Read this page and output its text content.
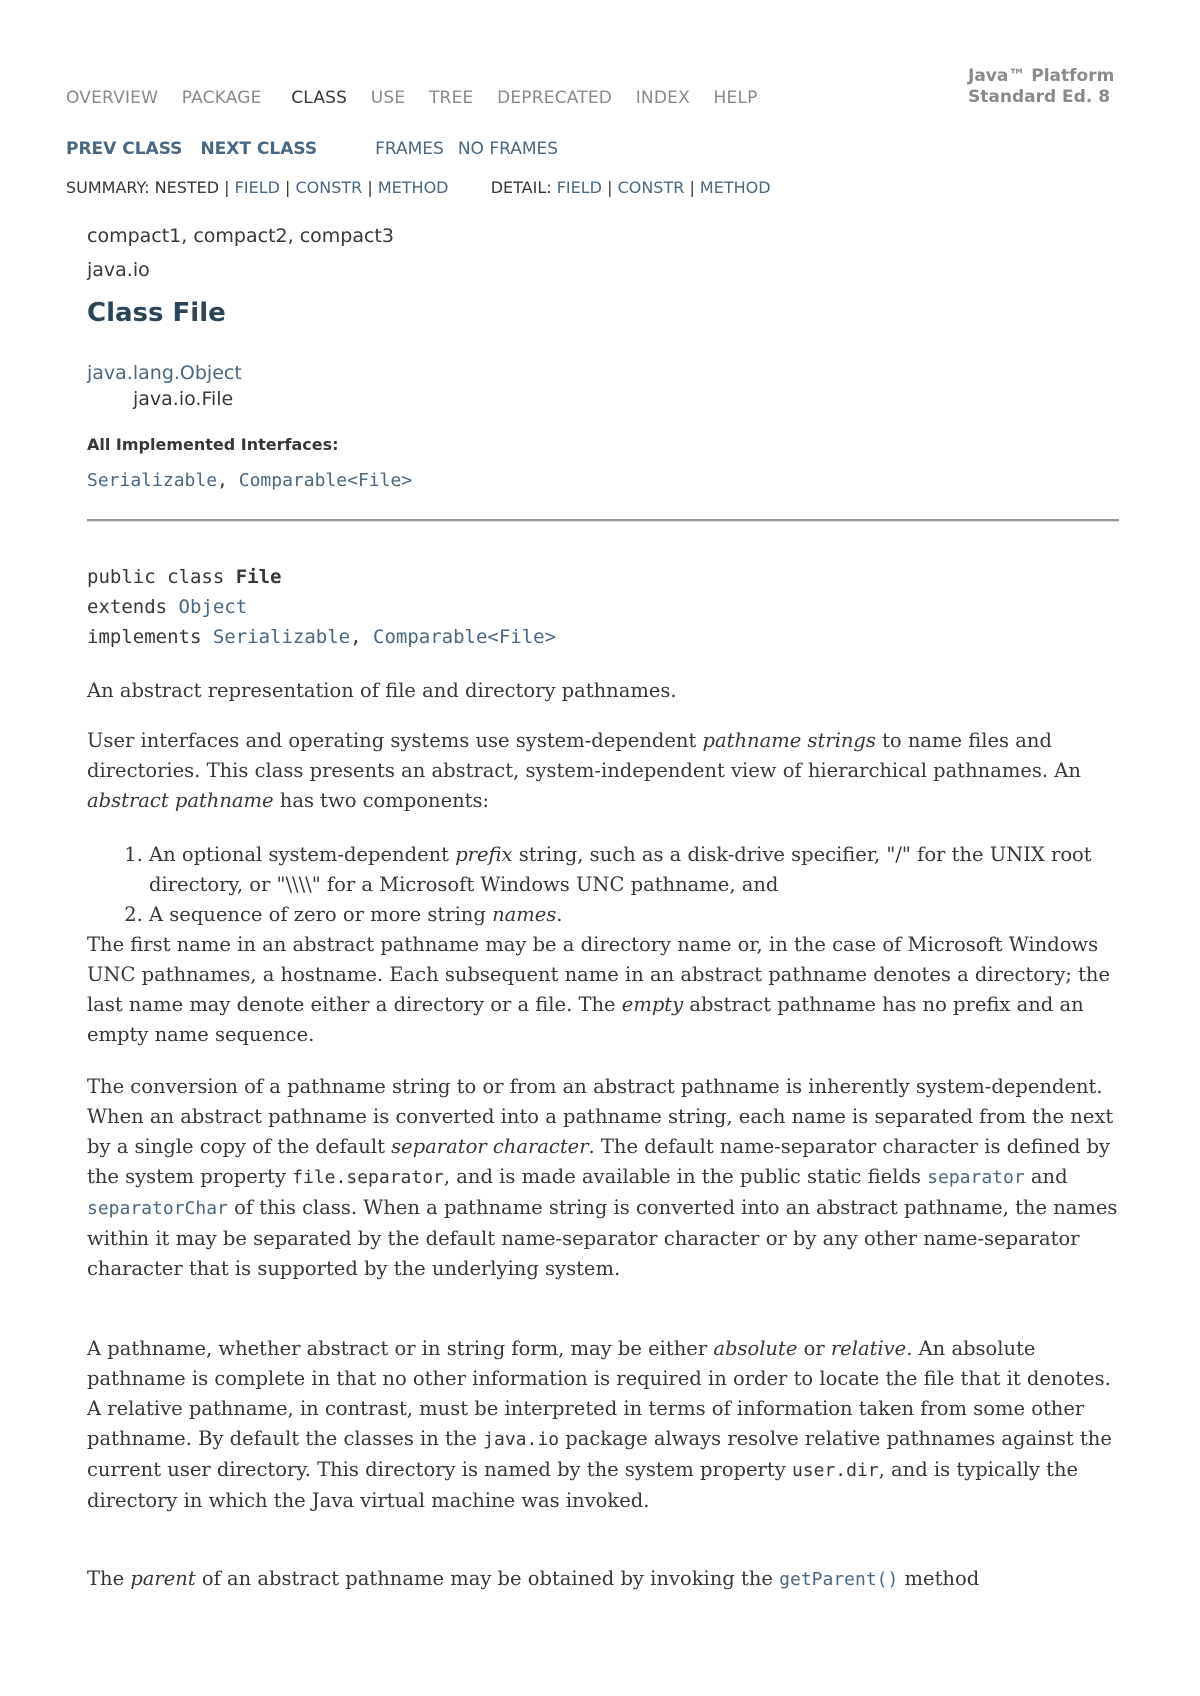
OVERVIEW PACKAGE CLASS USE TREE DEPRECATED INDEX HELP
Java™ Platform
Standard Ed. 8
PREV CLASS NEXT CLASS	FRAMES NO FRAMES
SUMMARY: NESTED | FIELD | CONSTR | METHOD	DETAIL: FIELD | CONSTR | METHOD
compact1, compact2, compact3
java.io
Class File
java.lang.Object
java.io.File
All Implemented Interfaces:
Serializable, Comparable<File>
public class File
extends Object
implements Serializable, Comparable<File>

An abstract representation of file and directory pathnames.

User interfaces and operating systems use system-dependent pathname strings to name files and directories. This class presents an abstract, system-independent view of hierarchical pathnames. An abstract pathname has two components:

1. An optional system-dependent prefix string, such as a disk-drive specifier, "/" for the UNIX root directory, or "\\\\" for a Microsoft Windows UNC pathname, and
2. A sequence of zero or more string names.

The first name in an abstract pathname may be a directory name or, in the case of Microsoft Windows UNC pathnames, a hostname. Each subsequent name in an abstract pathname denotes a directory; the last name may denote either a directory or a file. The empty abstract pathname has no prefix and an empty name sequence.

The conversion of a pathname string to or from an abstract pathname is inherently system-dependent. When an abstract pathname is converted into a pathname string, each name is separated from the next by a single copy of the default separator character. The default name-separator character is defined by the system property file.separator, and is made available in the public static fields separator and separatorChar of this class. When a pathname string is converted into an abstract pathname, the names within it may be separated by the default name-separator character or by any other name-separator character that is supported by the underlying system.

A pathname, whether abstract or in string form, may be either absolute or relative. An absolute pathname is complete in that no other information is required in order to locate the file that it denotes. A relative pathname, in contrast, must be interpreted in terms of information taken from some other pathname. By default the classes in the java.io package always resolve relative pathnames against the current user directory. This directory is named by the system property user.dir, and is typically the directory in which the Java virtual machine was invoked.

The parent of an abstract pathname may be obtained by invoking the getParent() method
